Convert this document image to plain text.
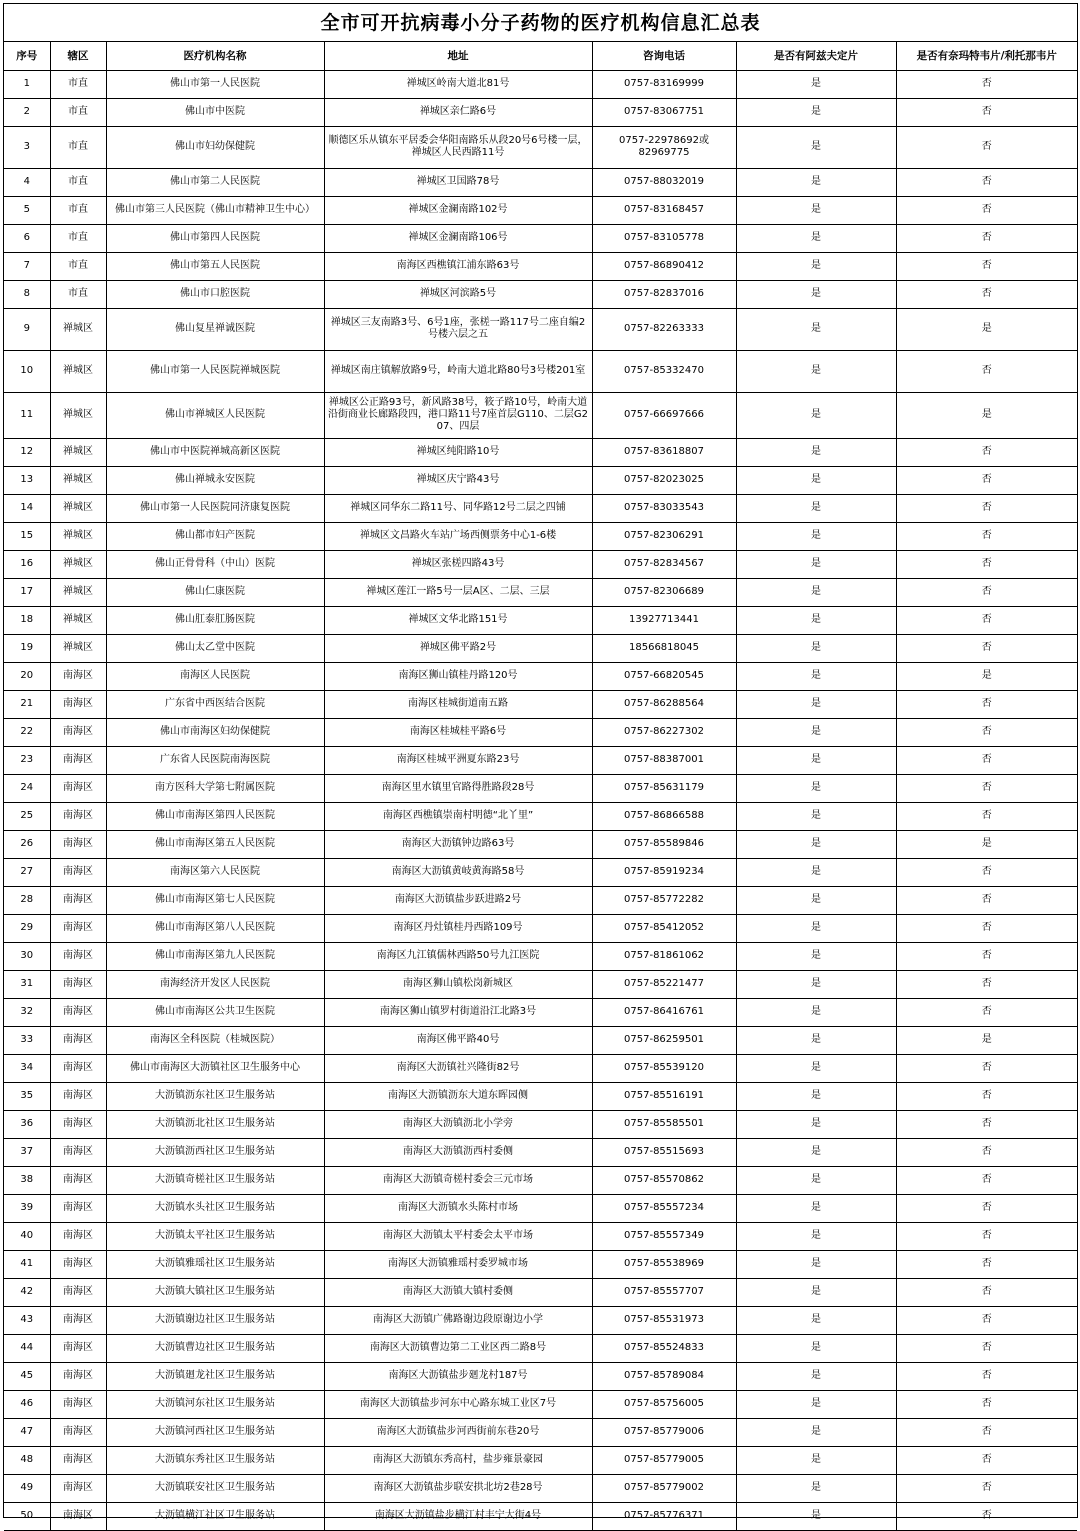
全市可开抗病毒小分子药物的医疗机构信息汇总表
序号	辖区	医疗机构名称	地址	咨询电话	是否有阿兹夫定片	是否有奈玛特韦片/利托那韦片
1	市直	佛山市第一人民医院	禅城区岭南大道北81号	0757-83169999	是	否
2	市直	佛山市中医院	禅城区亲仁路6号	0757-83067751	是	否
3	市直	佛山市妇幼保健院	顺德区乐从镇东平居委会华阳南路乐从段20号6号楼一层， 禅城区人民西路11号	0757-22978692或82969775	是	否
4	市直	佛山市第二人民医院	禅城区卫国路78号	0757-88032019	是	否
5	市直	佛山市第三人民医院（佛山市精神卫生中心）	禅城区金澜南路102号	0757-83168457	是	否
6	市直	佛山市第四人民医院	禅城区金澜南路106号	0757-83105778	是	否
7	市直	佛山市第五人民医院	南海区西樵镇江浦东路63号	0757-86890412	是	否
8	市直	佛山市口腔医院	禅城区河滨路5号	0757-82837016	是	否
9	禅城区	佛山复星禅诚医院	禅城区三友南路3号、6号1座，张槎一路117号二座自编2号楼六层之五	0757-82263333	是	是
10	禅城区	佛山市第一人民医院禅城医院	禅城区南庄镇解放路9号，岭南大道北路80号3号楼201室	0757-85332470	是	否
11	禅城区	佛山市禅城区人民医院	禅城区公正路93号，新风路38号，筱子路10号，岭南大道沿街商业长廊路段四，港口路11号7座首层G110、二层G207、四层	0757-66697666	是	是
12	禅城区	佛山市中医院禅城高新区医院	禅城区纯阳路10号	0757-83618807	是	否
13	禅城区	佛山禅城永安医院	禅城区庆宁路43号	0757-82023025	是	否
14	禅城区	佛山市第一人民医院同济康复医院	禅城区同华东二路11号、同华路12号二层之四铺	0757-83033543	是	否
15	禅城区	佛山都市妇产医院	禅城区文昌路火车站广场西侧票务中心1-6楼	0757-82306291	是	否
16	禅城区	佛山正骨骨科（中山）医院	禅城区张槎四路43号	0757-82834567	是	否
17	禅城区	佛山仁康医院	禅城区莲江一路5号一层A区、二层、三层	0757-82306689	是	否
18	禅城区	佛山肛泰肛肠医院	禅城区文华北路151号	13927713441	是	否
19	禅城区	佛山太乙堂中医院	禅城区佛平路2号	18566818045	是	否
20	南海区	南海区人民医院	南海区狮山镇桂丹路120号	0757-66820545	是	是
21	南海区	广东省中西医结合医院	南海区桂城街道南五路	0757-86288564	是	否
22	南海区	佛山市南海区妇幼保健院	南海区桂城桂平路6号	0757-86227302	是	否
23	南海区	广东省人民医院南海医院	南海区桂城平洲夏东路23号	0757-88387001	是	否
24	南海区	南方医科大学第七附属医院	南海区里水镇里官路得胜路段28号	0757-85631179	是	否
25	南海区	佛山市南海区第四人民医院	南海区西樵镇崇南村明德“北丫里”	0757-86866588	是	否
26	南海区	佛山市南海区第五人民医院	南海区大沥镇钟边路63号	0757-85589846	是	是
27	南海区	南海区第六人民医院	南海区大沥镇黄岐黄海路58号	0757-85919234	是	否
28	南海区	佛山市南海区第七人民医院	南海区大沥镇盐步跃进路2号	0757-85772282	是	否
29	南海区	佛山市南海区第八人民医院	南海区丹灶镇桂丹西路109号	0757-85412052	是	否
30	南海区	佛山市南海区第九人民医院	南海区九江镇儒林西路50号九江医院	0757-81861062	是	否
31	南海区	南海经济开发区人民医院	南海区狮山镇松岗新城区	0757-85221477	是	否
32	南海区	佛山市南海区公共卫生医院	南海区狮山镇罗村街道沿江北路3号	0757-86416761	是	否
33	南海区	南海区全科医院（桂城医院）	南海区佛平路40号	0757-86259501	是	是
34	南海区	佛山市南海区大沥镇社区卫生服务中心	南海区大沥镇社兴隆街82号	0757-85539120	是	否
35	南海区	大沥镇沥东社区卫生服务站	南海区大沥镇沥东大道东晖园侧	0757-85516191	是	否
36	南海区	大沥镇沥北社区卫生服务站	南海区大沥镇沥北小学旁	0757-85585501	是	否
37	南海区	大沥镇沥西社区卫生服务站	南海区大沥镇沥西村委侧	0757-85515693	是	否
38	南海区	大沥镇奇槎社区卫生服务站	南海区大沥镇奇槎村委会三元市场	0757-85570862	是	否
39	南海区	大沥镇水头社区卫生服务站	南海区大沥镇水头陈村市场	0757-85557234	是	否
40	南海区	大沥镇太平社区卫生服务站	南海区大沥镇太平村委会太平市场	0757-85557349	是	否
41	南海区	大沥镇雅瑶社区卫生服务站	南海区大沥镇雅瑶村委罗城市场	0757-85538969	是	否
42	南海区	大沥镇大镇社区卫生服务站	南海区大沥镇大镇村委侧	0757-85557707	是	否
43	南海区	大沥镇谢边社区卫生服务站	南海区大沥镇广佛路谢边段原谢边小学	0757-85531973	是	否
44	南海区	大沥镇曹边社区卫生服务站	南海区大沥镇曹边第二工业区西二路8号	0757-85524833	是	否
45	南海区	大沥镇廻龙社区卫生服务站	南海区大沥镇盐步廻龙村187号	0757-85789084	是	否
46	南海区	大沥镇河东社区卫生服务站	南海区大沥镇盐步河东中心路东城工业区7号	0757-85756005	是	否
47	南海区	大沥镇河西社区卫生服务站	南海区大沥镇盐步河西街前东巷20号	0757-85779006	是	否
48	南海区	大沥镇东秀社区卫生服务站	南海区大沥镇东秀高村，盐步雍景豪园	0757-85779005	是	否
49	南海区	大沥镇联安社区卫生服务站	南海区大沥镇盐步联安拱北坊2巷28号	0757-85779002	是	否
50	南海区	大沥镇横江社区卫生服务站	南海区大沥镇盐步横江村丰宁大街4号	0757-85776371	是	否
